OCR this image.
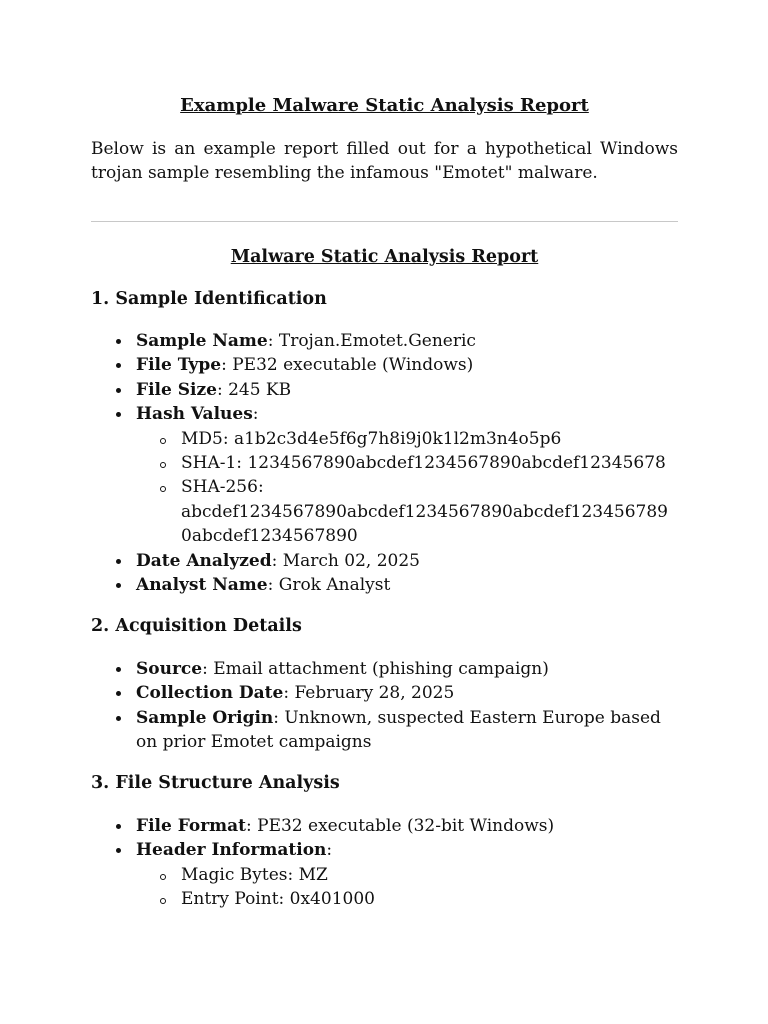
Example Malware Static Analysis Report

Below is an example report filled out for a hypothetical Windows trojan sample resembling the infamous "Emotet" malware.

Malware Static Analysis Report
1. Sample Identification
Sample Name: Trojan.Emotet.Generic
File Type: PE32 executable (Windows)
File Size: 245 KB
Hash Values:
MD5: a1b2c3d4e5f6g7h8i9j0k1l2m3n4o5p6
SHA-1: 1234567890abcdef1234567890abcdef12345678
SHA-256:
abcdef1234567890abcdef1234567890abcdef123456789
0abcdef1234567890
Date Analyzed: March 02, 2025
Analyst Name: Grok Analyst
2. Acquisition Details
Source: Email attachment (phishing campaign)
Collection Date: February 28, 2025
Sample Origin: Unknown, suspected Eastern Europe based on prior Emotet campaigns
3. File Structure Analysis
File Format: PE32 executable (32-bit Windows)
Header Information:
Magic Bytes: MZ
Entry Point: 0x401000
